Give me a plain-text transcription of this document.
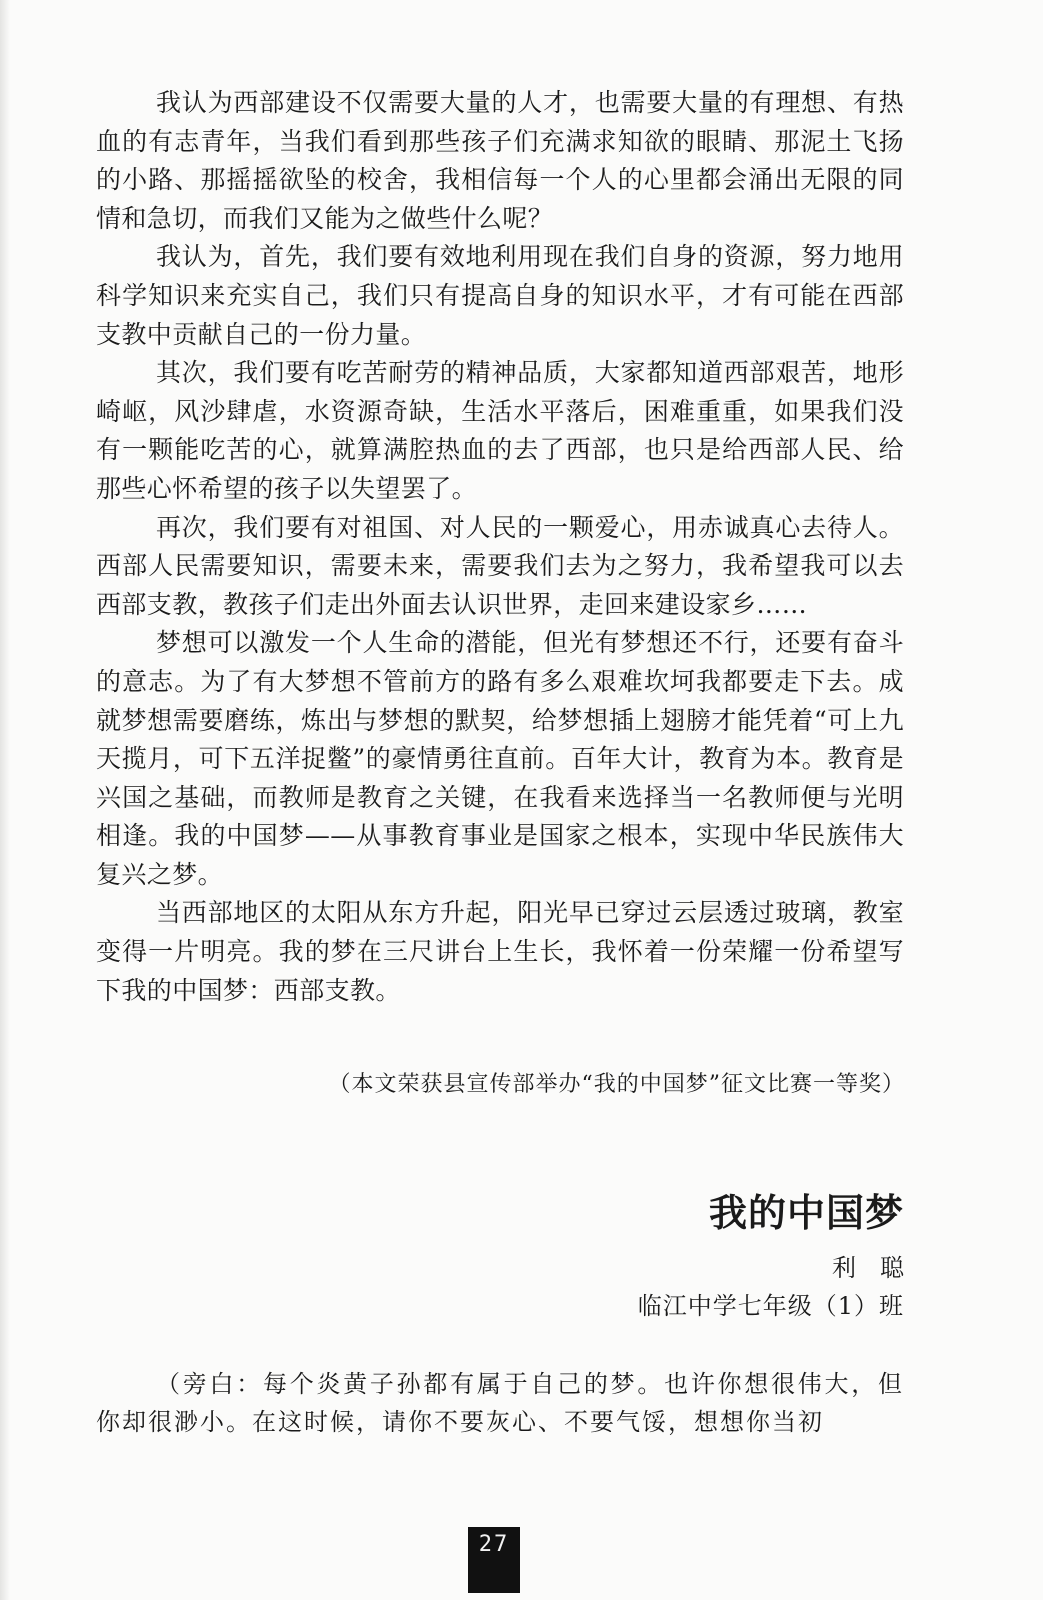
我认为西部建设不仅需要大量的人才，也需要大量的有理想、有热血的有志青年，当我们看到那些孩子们充满求知欲的眼睛、那泥土飞扬的小路、那摇摇欲坠的校舍，我相信每一个人的心里都会涌出无限的同情和急切，而我们又能为之做些什么呢？

我认为，首先，我们要有效地利用现在我们自身的资源，努力地用科学知识来充实自己，我们只有提高自身的知识水平，才有可能在西部支教中贡献自己的一份力量。

其次，我们要有吃苦耐劳的精神品质，大家都知道西部艰苦，地形崎岖，风沙肆虐，水资源奇缺，生活水平落后，困难重重，如果我们没有一颗能吃苦的心，就算满腔热血的去了西部，也只是给西部人民、给那些心怀希望的孩子以失望罢了。

再次，我们要有对祖国、对人民的一颗爱心，用赤诚真心去待人。西部人民需要知识，需要未来，需要我们去为之努力，我希望我可以去西部支教，教孩子们走出外面去认识世界，走回来建设家乡……

梦想可以激发一个人生命的潜能，但光有梦想还不行，还要有奋斗的意志。为了有大梦想不管前方的路有多么艰难坎坷我都要走下去。成就梦想需要磨练，炼出与梦想的默契，给梦想插上翅膀才能凭着“可上九天揽月，可下五洋捉鳖”的豪情勇往直前。百年大计，教育为本。教育是兴国之基础，而教师是教育之关键，在我看来选择当一名教师便与光明相逢。我的中国梦——从事教育事业是国家之根本，实现中华民族伟大复兴之梦。

当西部地区的太阳从东方升起，阳光早已穿过云层透过玻璃，教室变得一片明亮。我的梦在三尺讲台上生长，我怀着一份荣耀一份希望写下我的中国梦：西部支教。

（本文荣获县宣传部举办“我的中国梦”征文比赛一等奖）
我的中国梦
利聪
临江中学七年级（1）班

（旁白：每个炎黄子孙都有属于自己的梦。也许你想很伟大，但你却很渺小。在这时候，请你不要灰心、不要气馁，想想你当初

27
